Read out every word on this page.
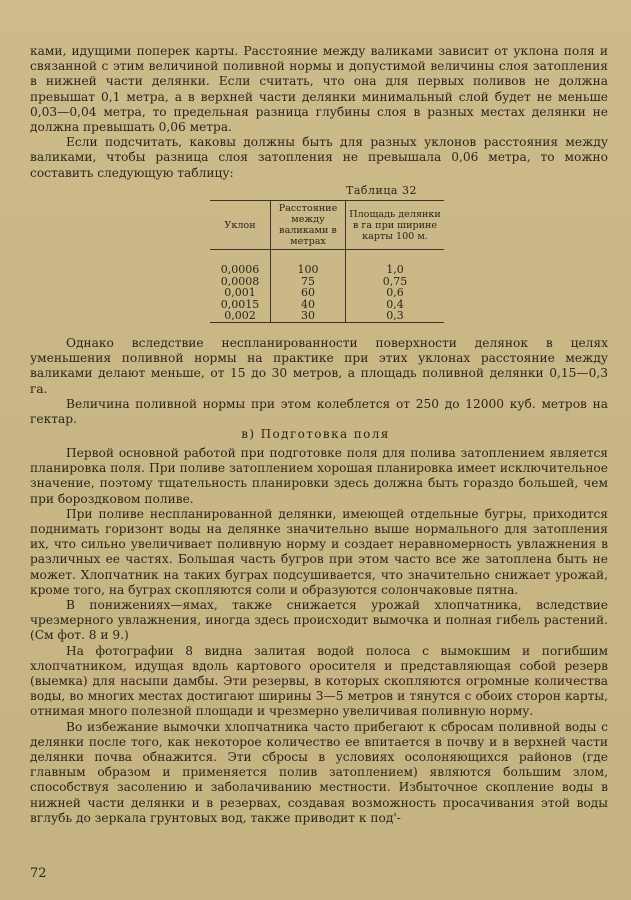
ками, идущими поперек карты. Расстояние между валиками зависит от уклона поля и связанной с этим величиной поливной нормы и допустимой величины слоя затопления в нижней части делянки. Если считать, что она для первых поливов не должна превышат 0,1 метра, а в верхней части делянки минимальный слой будет не меньше 0,03—0,04 метра, то предельная разница глубины слоя в разных местах делянки не должна превышать 0,06 метра.

Если подсчитать, каковы должны быть для разных уклонов расстояния между валиками, чтобы разница слоя затопления не превышала 0,06 метра, то можно составить следующую таблицу:

Таблица 32
Уклон	Расстояние между валиками в метрах	Площадь делянки в га при ширине карты 100 м.
0,0006	100	1,0
0,0008	75	0,75
0,001	60	0,6
0,0015	40	0,4
0,002	30	0,3

Однако вследствие неспланированности поверхности делянок в целях уменьшения поливной нормы на практике при этих уклонах расстояние между валиками делают меньше, от 15 до 30 метров, а площадь поливной делянки 0,15—0,3 га.

Величина поливной нормы при этом колеблется от 250 до 12000 куб. метров на гектар.

в) Подготовка поля

Первой основной работой при подготовке поля для полива затоплением является планировка поля. При поливе затоплением хорошая планировка имеет исключительное значение, поэтому тщательность планировки здесь должна быть гораздо большей, чем при бороздковом поливе.

При поливе неспланированной делянки, имеющей отдельные бугры, приходится поднимать горизонт воды на делянке значительно выше нормального для затопления их, что сильно увеличивает поливную норму и создает неравномерность увлажнения в различных ее частях. Большая часть бугров при этом часто все же затоплена быть не может. Хлопчатник на таких буграх подсушивается, что значительно снижает урожай, кроме того, на буграх скопляются соли и образуются солончаковые пятна.

В понижениях—ямах, также снижается урожай хлопчатника, вследствие чрезмерного увлажнения, иногда здесь происходит вымочка и полная гибель растений. (См фот. 8 и 9.)

На фотографии 8 видна залитая водой полоса с вымокшим и погибшим хлопчатником, идущая вдоль картового оросителя и представляющая собой резерв (выемка) для насыпи дамбы. Эти резервы, в которых скопляются огромные количества воды, во многих местах достигают ширины 3—5 метров и тянутся с обоих сторон карты, отнимая много полезной площади и чрезмерно увеличивая поливную норму.

Во избежание вымочки хлопчатника часто прибегают к сбросам поливной воды с делянки после того, как некоторое количество ее впитается в почву и в верхней части делянки почва обнажится. Эти сбросы в условиях осолоняющихся районов (где главным образом и применяется полив затоплением) являются большим злом, способствуя засолению и заболачиванию местности. Избыточное скопление воды в нижней части делянки и в резервах, создавая возможность просачивания этой воды вглубь до зеркала грунтовых вод, также приводит к под'-

72
